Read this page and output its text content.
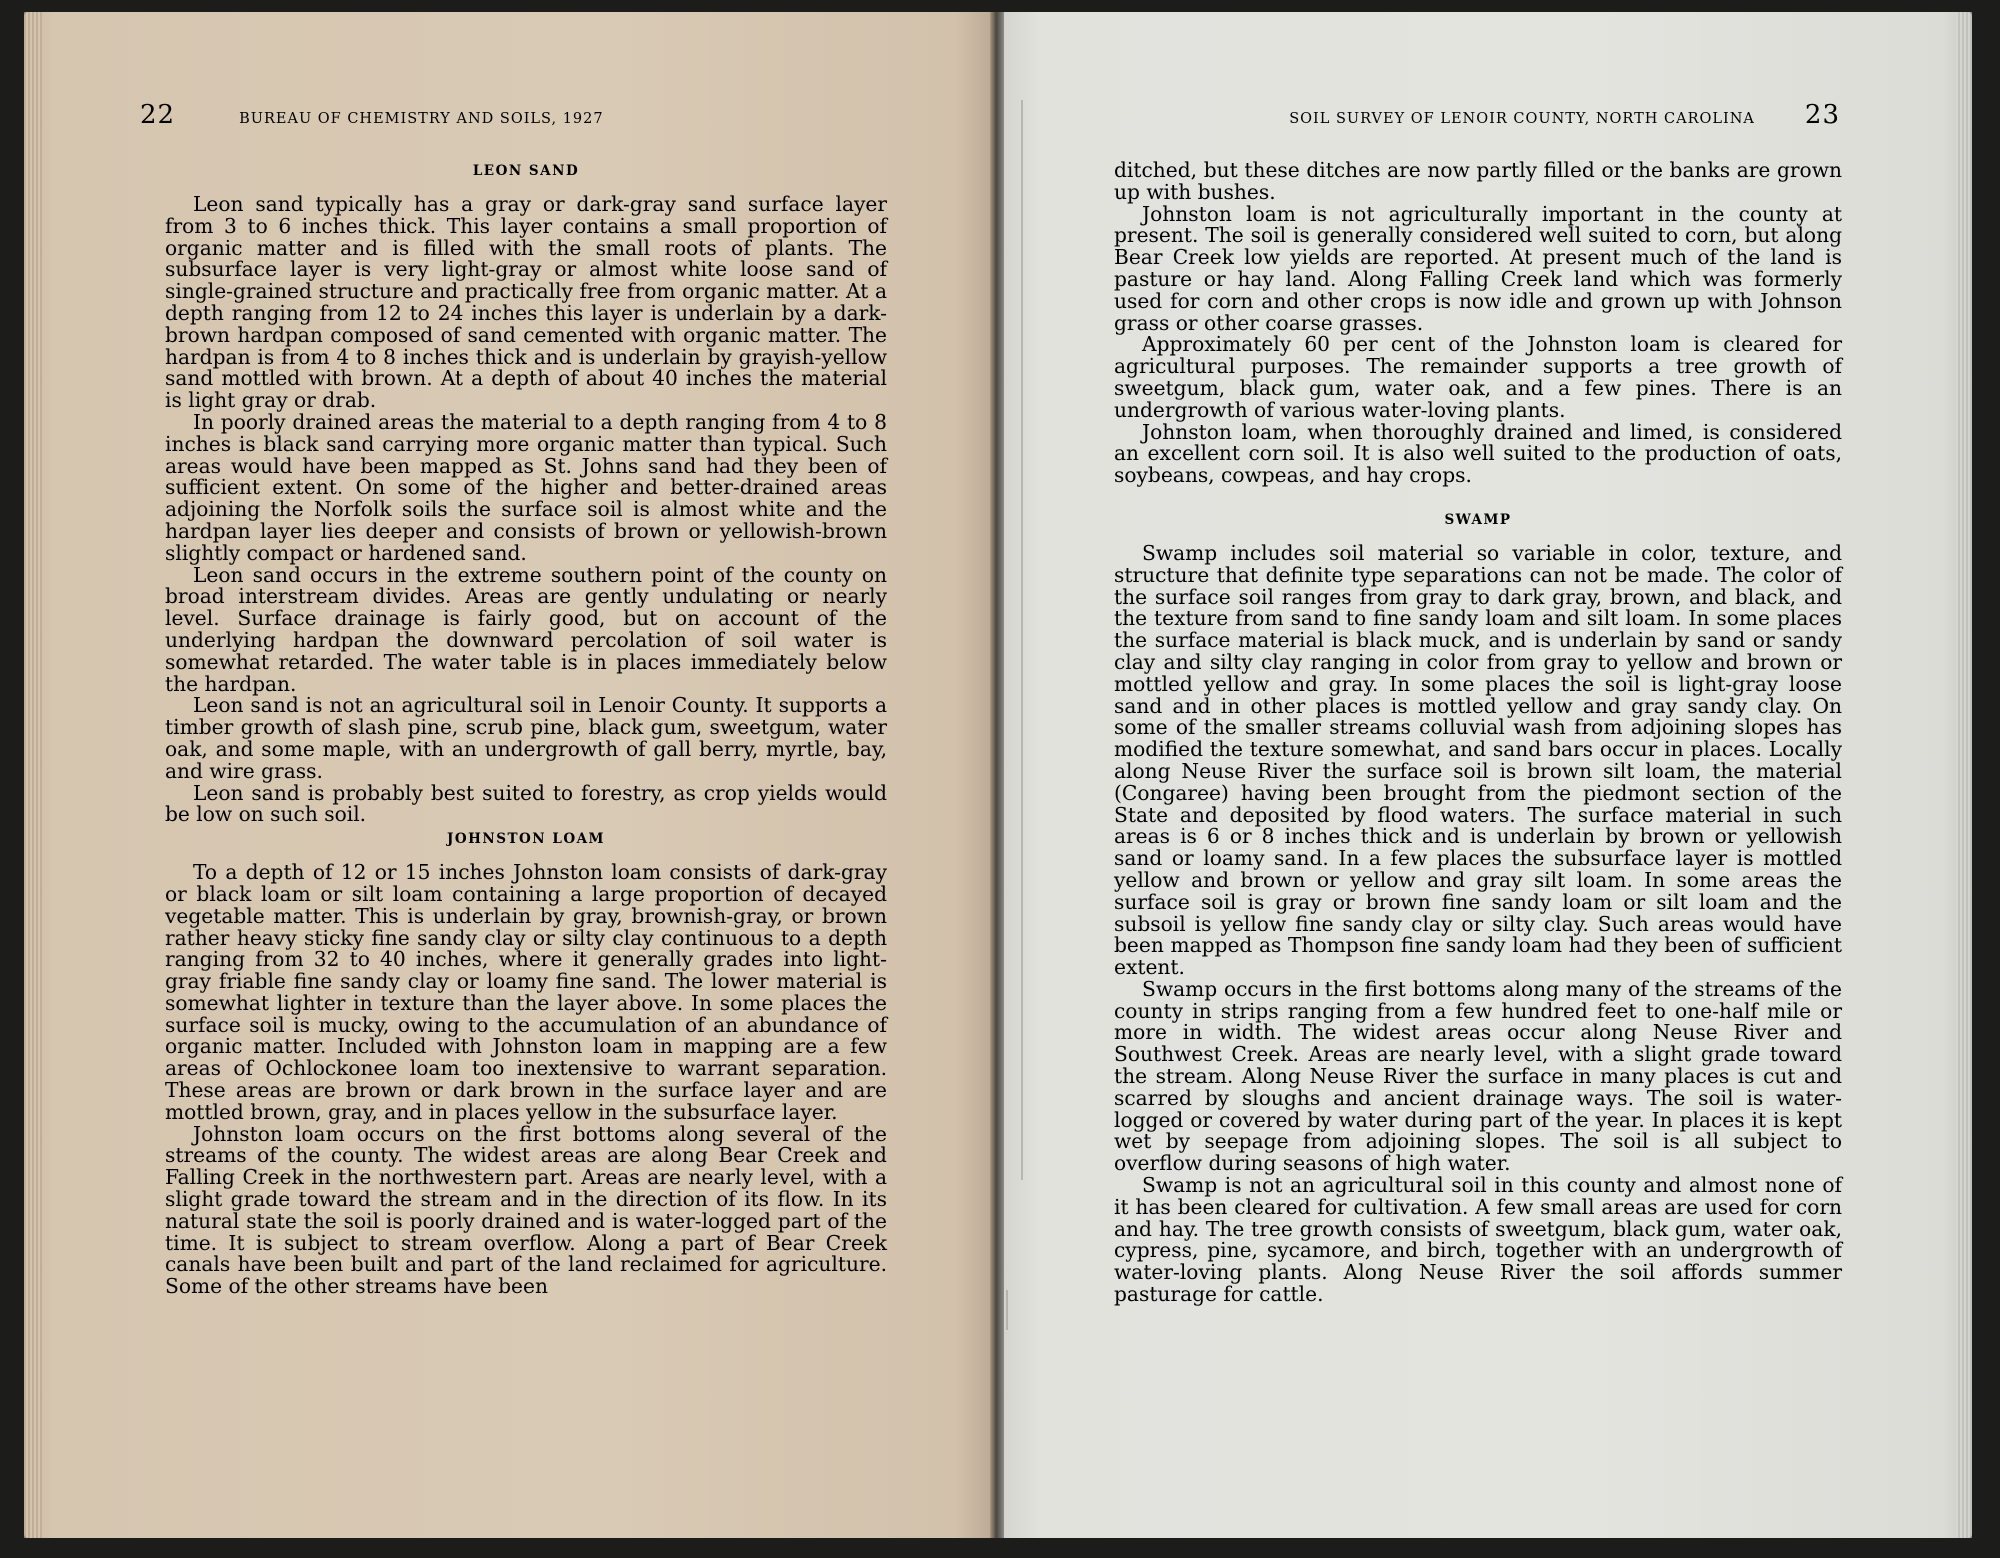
22	BUREAU OF CHEMISTRY AND SOILS, 1927
LEON SAND

Leon sand typically has a gray or dark-gray sand surface layer from 3 to 6 inches thick. This layer contains a small proportion of organic matter and is filled with the small roots of plants. The subsurface layer is very light-gray or almost white loose sand of single-grained structure and practically free from organic matter. At a depth ranging from 12 to 24 inches this layer is underlain by a dark-brown hardpan composed of sand cemented with organic matter. The hardpan is from 4 to 8 inches thick and is underlain by grayish-yellow sand mottled with brown. At a depth of about 40 inches the material is light gray or drab.

In poorly drained areas the material to a depth ranging from 4 to 8 inches is black sand carrying more organic matter than typical. Such areas would have been mapped as St. Johns sand had they been of sufficient extent. On some of the higher and better-drained areas adjoining the Norfolk soils the surface soil is almost white and the hardpan layer lies deeper and consists of brown or yellowish-brown slightly compact or hardened sand.

Leon sand occurs in the extreme southern point of the county on broad interstream divides. Areas are gently undulating or nearly level. Surface drainage is fairly good, but on account of the underlying hardpan the downward percolation of soil water is somewhat retarded. The water table is in places immediately below the hardpan.

Leon sand is not an agricultural soil in Lenoir County. It supports a timber growth of slash pine, scrub pine, black gum, sweetgum, water oak, and some maple, with an undergrowth of gall berry, myrtle, bay, and wire grass.

Leon sand is probably best suited to forestry, as crop yields would be low on such soil.

JOHNSTON LOAM

To a depth of 12 or 15 inches Johnston loam consists of dark-gray or black loam or silt loam containing a large proportion of decayed vegetable matter. This is underlain by gray, brownish-gray, or brown rather heavy sticky fine sandy clay or silty clay continuous to a depth ranging from 32 to 40 inches, where it generally grades into light-gray friable fine sandy clay or loamy fine sand. The lower material is somewhat lighter in texture than the layer above. In some places the surface soil is mucky, owing to the accumulation of an abundance of organic matter. Included with Johnston loam in mapping are a few areas of Ochlockonee loam too inextensive to warrant separation. These areas are brown or dark brown in the surface layer and are mottled brown, gray, and in places yellow in the subsurface layer.

Johnston loam occurs on the first bottoms along several of the streams of the county. The widest areas are along Bear Creek and Falling Creek in the northwestern part. Areas are nearly level, with a slight grade toward the stream and in the direction of its flow. In its natural state the soil is poorly drained and is water-logged part of the time. It is subject to stream overflow. Along a part of Bear Creek canals have been built and part of the land reclaimed for agriculture. Some of the other streams have been

SOIL SURVEY OF LENOIR COUNTY, NORTH CAROLINA 23

ditched, but these ditches are now partly filled or the banks are grown up with bushes.

Johnston loam is not agriculturally important in the county at present. The soil is generally considered well suited to corn, but along Bear Creek low yields are reported. At present much of the land is pasture or hay land. Along Falling Creek land which was formerly used for corn and other crops is now idle and grown up with Johnson grass or other coarse grasses.

Approximately 60 per cent of the Johnston loam is cleared for agricultural purposes. The remainder supports a tree growth of sweetgum, black gum, water oak, and a few pines. There is an undergrowth of various water-loving plants.

Johnston loam, when thoroughly drained and limed, is considered an excellent corn soil. It is also well suited to the production of oats, soybeans, cowpeas, and hay crops.

SWAMP

Swamp includes soil material so variable in color, texture, and structure that definite type separations can not be made. The color of the surface soil ranges from gray to dark gray, brown, and black, and the texture from sand to fine sandy loam and silt loam. In some places the surface material is black muck, and is underlain by sand or sandy clay and silty clay ranging in color from gray to yellow and brown or mottled yellow and gray. In some places the soil is light-gray loose sand and in other places is mottled yellow and gray sandy clay. On some of the smaller streams colluvial wash from adjoining slopes has modified the texture somewhat, and sand bars occur in places. Locally along Neuse River the surface soil is brown silt loam, the material (Congaree) having been brought from the piedmont section of the State and deposited by flood waters. The surface material in such areas is 6 or 8 inches thick and is underlain by brown or yellowish sand or loamy sand. In a few places the subsurface layer is mottled yellow and brown or yellow and gray silt loam. In some areas the surface soil is gray or brown fine sandy loam or silt loam and the subsoil is yellow fine sandy clay or silty clay. Such areas would have been mapped as Thompson fine sandy loam had they been of sufficient extent.

Swamp occurs in the first bottoms along many of the streams of the county in strips ranging from a few hundred feet to one-half mile or more in width. The widest areas occur along Neuse River and Southwest Creek. Areas are nearly level, with a slight grade toward the stream. Along Neuse River the surface in many places is cut and scarred by sloughs and ancient drainage ways. The soil is water-logged or covered by water during part of the year. In places it is kept wet by seepage from adjoining slopes. The soil is all subject to overflow during seasons of high water.

Swamp is not an agricultural soil in this county and almost none of it has been cleared for cultivation. A few small areas are used for corn and hay. The tree growth consists of sweetgum, black gum, water oak, cypress, pine, sycamore, and birch, together with an undergrowth of water-loving plants. Along Neuse River the soil affords summer pasturage for cattle.
